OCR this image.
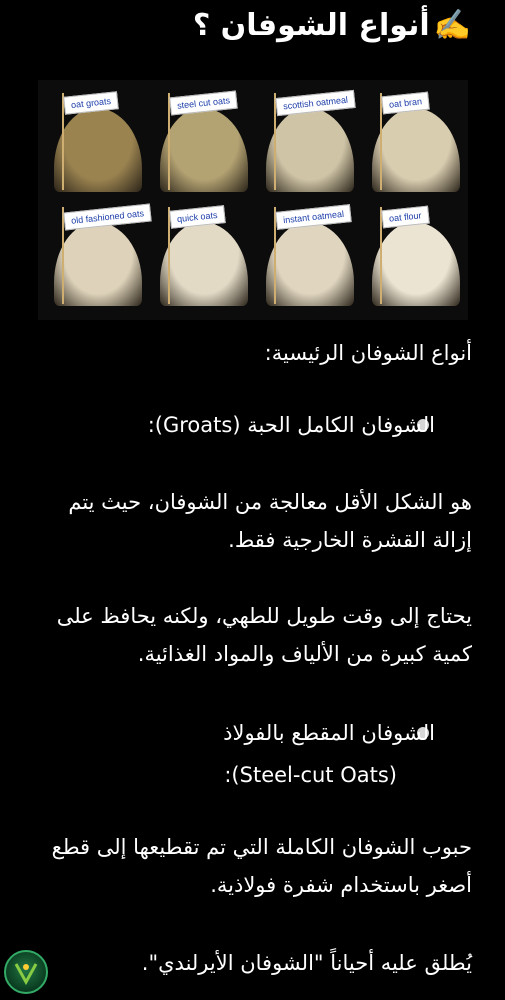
✍️أنواع الشوفان ؟
oat groats	steel cut oats	scottish oatmeal	oat bran
old fashioned oats	quick oats	instant oatmeal	oat flour
أنواع الشوفان الرئيسية:
الشوفان الكامل الحبة (Groats):
هو الشكل الأقل معالجة من الشوفان، حيث يتم إزالة القشرة الخارجية فقط.
يحتاج إلى وقت طويل للطهي، ولكنه يحافظ على كمية كبيرة من الألياف والمواد الغذائية.
الشوفان المقطع بالفولاذ
(Steel-cut Oats):
حبوب الشوفان الكاملة التي تم تقطيعها إلى قطع أصغر باستخدام شفرة فولاذية.
يُطلق عليه أحياناً "الشوفان الأيرلندي".
